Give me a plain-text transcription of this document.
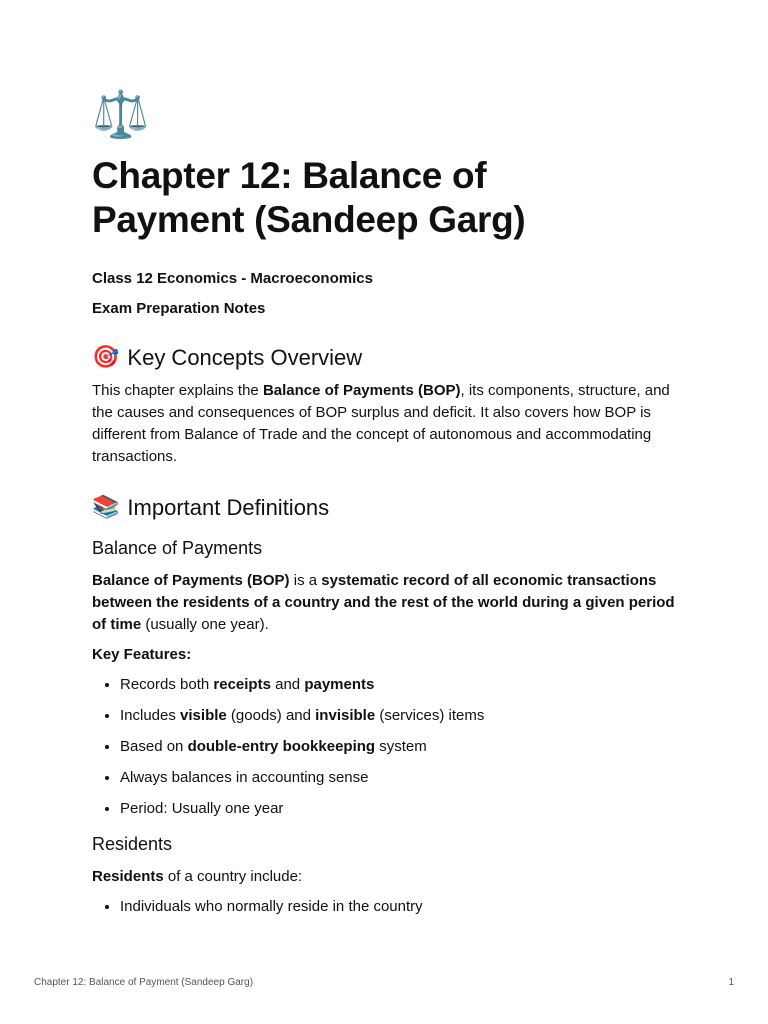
⚖️
Chapter 12: Balance of
Payment (Sandeep Garg)
Class 12 Economics - Macroeconomics
Exam Preparation Notes
🎯 Key Concepts Overview

This chapter explains the Balance of Payments (BOP), its components, structure, and the causes and consequences of BOP surplus and deficit. It also covers how BOP is different from Balance of Trade and the concept of autonomous and accommodating transactions.

📚 Important Definitions
Balance of Payments

Balance of Payments (BOP) is a systematic record of all economic transactions between the residents of a country and the rest of the world during a given period of time (usually one year).

Key Features:

• Records both receipts and payments
• Includes visible (goods) and invisible (services) items
• Based on double-entry bookkeeping system
• Always balances in accounting sense
• Period: Usually one year
Residents

Residents of a country include:

• Individuals who normally reside in the country
Chapter 12: Balance of Payment (Sandeep Garg)	1
